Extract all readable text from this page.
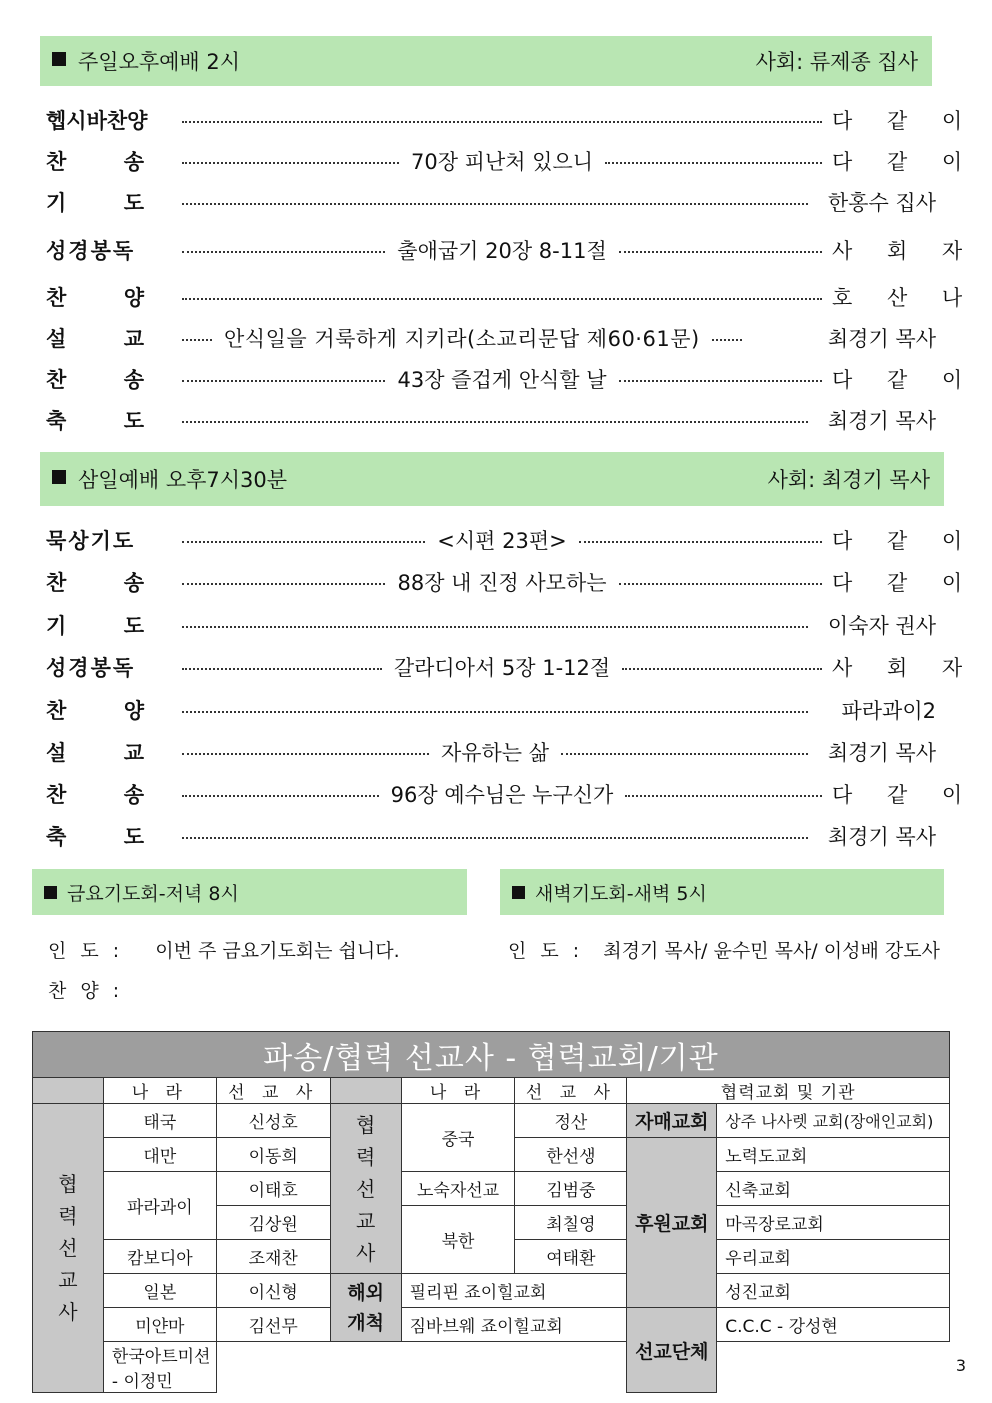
주일오후예배 2시	사회: 류제종 집사
헵시바찬양	다 같 이
찬	송	70장 피난처 있으니	다 같 이
기	도	한홍수 집사
성경봉독	출애굽기 20장 8-11절	사 회 자
찬	양	호 산 나
설	교	안식일을 거룩하게 지키라(소교리문답 제60·61문)	최경기 목사
찬	송	43장 즐겁게 안식할 날	다 같 이
축	도	최경기 목사
삼일예배 오후7시30분	사회: 최경기 목사
묵상기도	<시편 23편>	다 같 이
찬	송	88장 내 진정 사모하는	다 같 이
기	도	이숙자 권사
성경봉독	갈라디아서 5장 1-12절	사 회 자
찬	양	파라과이2
설	교	자유하는 삶	최경기 목사
찬	송	96장 예수님은 누구신가	다 같 이
축	도	최경기 목사
금요기도회-저녁 8시
인 도 : 이번 주 금요기도회는 쉽니다.
찬 양 :
새벽기도회-새벽 5시
인 도 : 최경기 목사/ 윤수민 목사/ 이성배 강도사
파송/협력 선교사 - 협력교회/기관							
	나 라	선 교 사		나 라	선 교 사	협력교회 및 기관	
협력선교사	태국	신성호	협력선교사	중국	정산	자매교회	상주 나사렛 교회(장애인교회)
	대만	이동희			한선생	후원교회	노력도교회
	파라과이	이태호		노숙자선교	김범중		신축교회
		김상원		북한	최칠영		마곡장로교회
	캄보디아	조재찬			여태환		우리교회
	일본	이신형	해외개척	필리핀 죠이힐교회			성진교회
	미얀마	김선무		짐바브웨 죠이힐교회		선교단체	C.C.C - 강성현
	한국아트미션 - 이정민						
3
